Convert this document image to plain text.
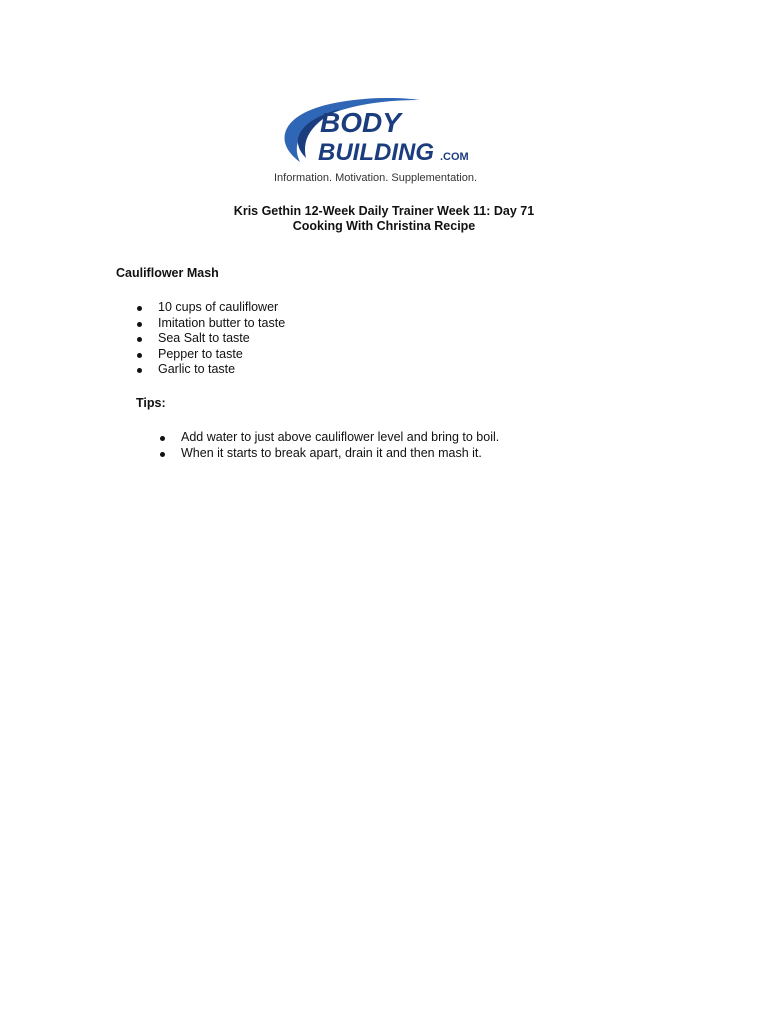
BODY
BUILDING .COM
Information. Motivation. Supplementation.
Kris Gethin 12-Week Daily Trainer Week 11: Day 71
Cooking With Christina Recipe
Cauliflower Mash
10 cups of cauliflower
Imitation butter to taste
Sea Salt to taste
Pepper to taste
Garlic to taste
Tips:
Add water to just above cauliflower level and bring to boil.
When it starts to break apart, drain it and then mash it.
